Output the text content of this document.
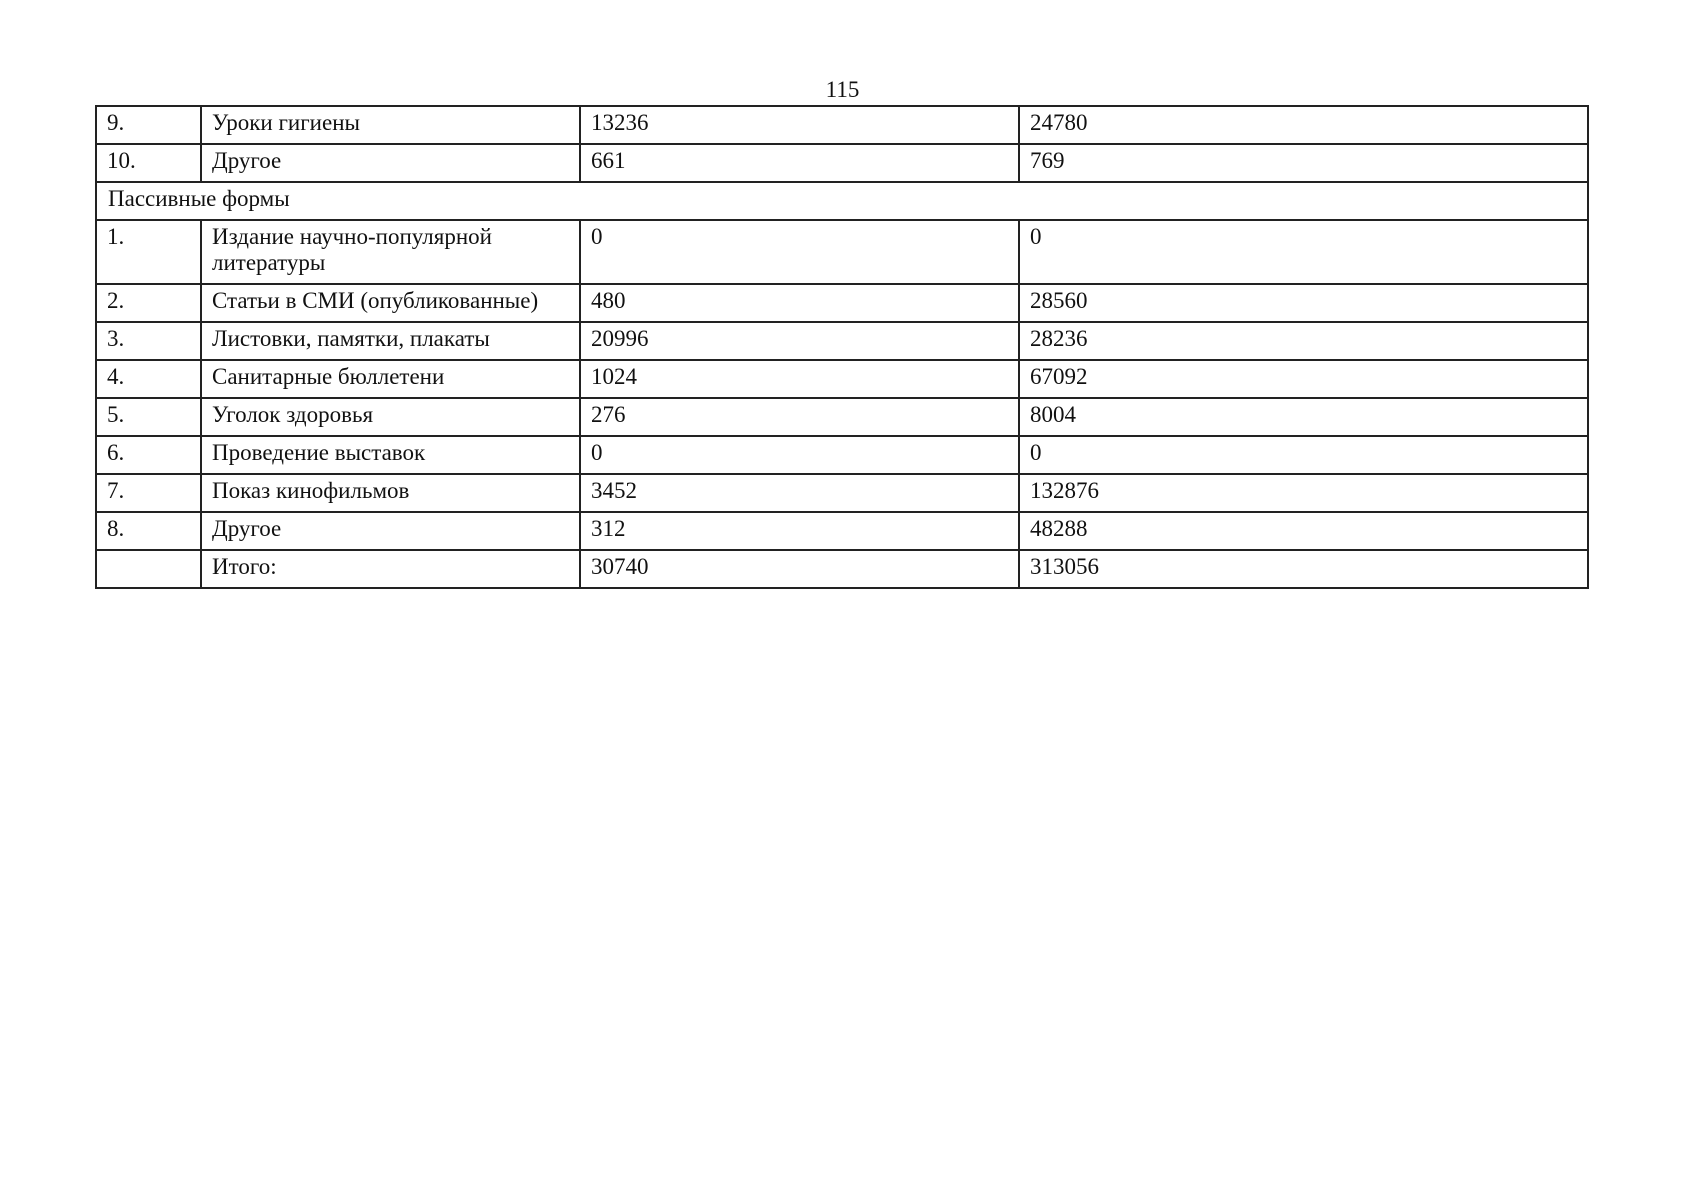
115
9.	Уроки гигиены	13236	24780
10.	Другое	661	769
Пассивные формы			
1.	Издание научно-популярной литературы	0	0
2.	Статьи в СМИ (опубликованные)	480	28560
3.	Листовки, памятки, плакаты	20996	28236
4.	Санитарные бюллетени	1024	67092
5.	Уголок здоровья	276	8004
6.	Проведение выставок	0	0
7.	Показ кинофильмов	3452	132876
8.	Другое	312	48288
	Итого:	30740	313056
